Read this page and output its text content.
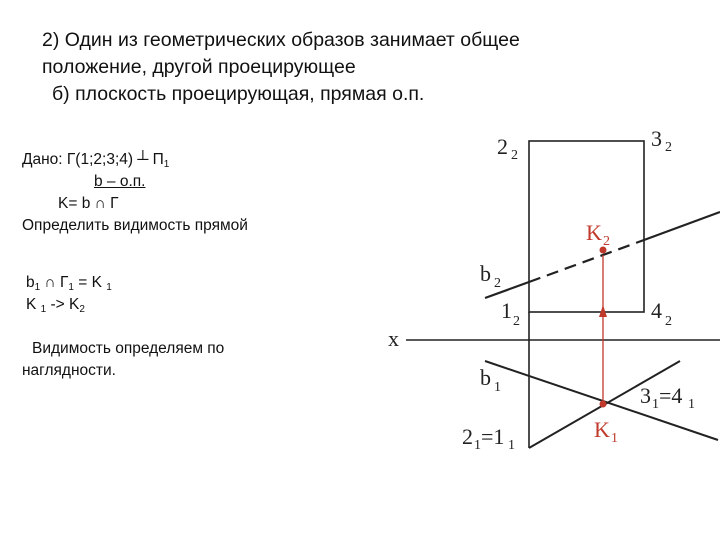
2) Один из геометрических образов занимает общее
положение, другой проецирующее
б) плоскость проецирующая, прямая о.п.
Дано: Г(1;2;3;4) ┴ $П_1$
b – о.п.
K= b ∩ Г
Определить видимость прямой
$b_1$ ∩ $Г_1 = K$ $_1$
K $_1 -> K_2$
Видимость определяем по
наглядности.
2 2
3 2
K 2
b 2
1 2	4 2
x
b 1	3 1 =4 1
K 1
2 1 =1 1
